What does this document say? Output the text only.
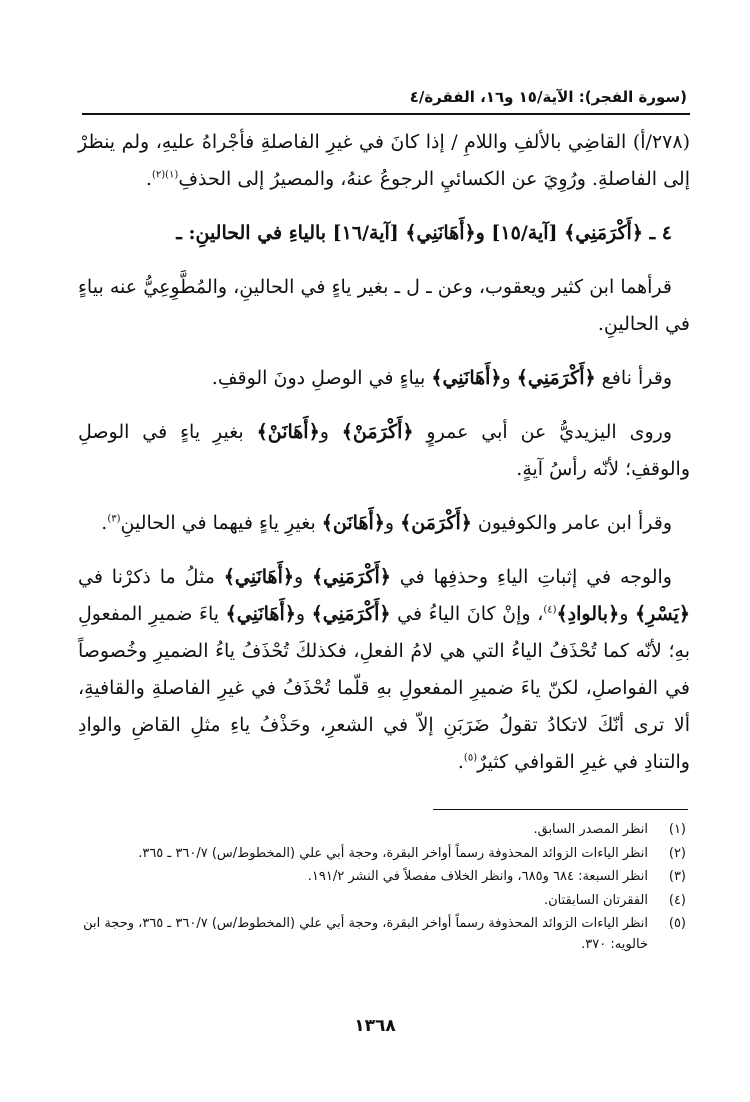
(سورة الفجر): الآية/١٥ و١٦، الفقرة/٤

(٢٧٨/أ) القاضِي بالألفِ واللامِ / إذا كانَ في غيرِ الفاصلةِ فأجْراهُ عليهِ، ولم ينظرْ إلى الفاصلةِ. ورُوِيَ عن الكسائيِ الرجوعُ عنهُ، والمصيرُ إلى الحذفِ$^{(١)(٢)}$.

٤ ـ ﴿أَكْرَمَنِي﴾ [آية/١٥] و﴿أَهَانَنِي﴾ [آية/١٦] بالياءِ في الحالينِ: ـ

قرأهما ابن كثير ويعقوب، وعن ـ ل ـ بغير ياءٍ في الحالينِ، والمُطَّوِعِيُّ عنه بياءٍ في الحالينِ.

وقرأ نافع ﴿أَكْرَمَنِي﴾ و﴿أَهَانَنِي﴾ بياءٍ في الوصلِ دونَ الوقفِ.

وروى اليزيديُّ عن أبي عمروٍ ﴿أَكْرَمَنْ﴾ و﴿أَهَانَنْ﴾ بغيرِ ياءٍ في الوصلِ والوقفِ؛ لأنّه رأسُ آيةٍ.

وقرأ ابن عامر والكوفيون ﴿أَكْرَمَن﴾ و﴿أَهَانَن﴾ بغيرِ ياءٍ فيهما في الحالينِ$^{(٣)}$.

والوجه في إثباتِ الياءِ وحذفِها في ﴿أَكْرَمَنِي﴾ و﴿أَهَانَنِي﴾ مثلُ ما ذكرْنا في ﴿يَسْرِ﴾ و﴿بالوادِ﴾$^{(٤)}$، وإنْ كانَ الياءُ في ﴿أَكْرَمَنِي﴾ و﴿أَهَانَنِي﴾ ياءَ ضميرِ المفعولِ بهِ؛ لأنّه كما تُحْذَفُ الياءُ التي هي لامُ الفعلِ، فكذلكَ تُحْذَفُ ياءُ الضميرِ وخُصوصاً في الفواصلِ، لكنّ ياءَ ضميرِ المفعولِ بهِ قلّما تُحْذَفُ في غيرِ الفاصلةِ والقافيةِ، ألا ترى أنّكَ لاتكادُ تقولُ ضَرَبَنِ إلاّ في الشعرِ، وحَذْفُ ياءِ مثلِ القاضِ والوادِ والتنادِ في غيرِ القوافي كثيرٌ$^{(٥)}$.

(١)
انظر المصدر السابق.
(٢)
انظر الياءات الزوائد المحذوفة رسماً أواخر البقرة، وحجة أبي علي (المخطوط/س) ٣٦٠/٧ ـ ٣٦٥.
(٣)
انظر السبعة: ٦٨٤ و٦٨٥، وانظر الخلاف مفصلاً في النشر ١٩١/٢.
(٤)
الفقرتان السابقتان.
(٥)
انظر الياءات الزوائد المحذوفة رسماً أواخر البقرة، وحجة أبي علي (المخطوط/س) ٣٦٠/٧ ـ ٣٦٥، وحجة ابن خالويه: ٣٧٠.
١٣٦٨
